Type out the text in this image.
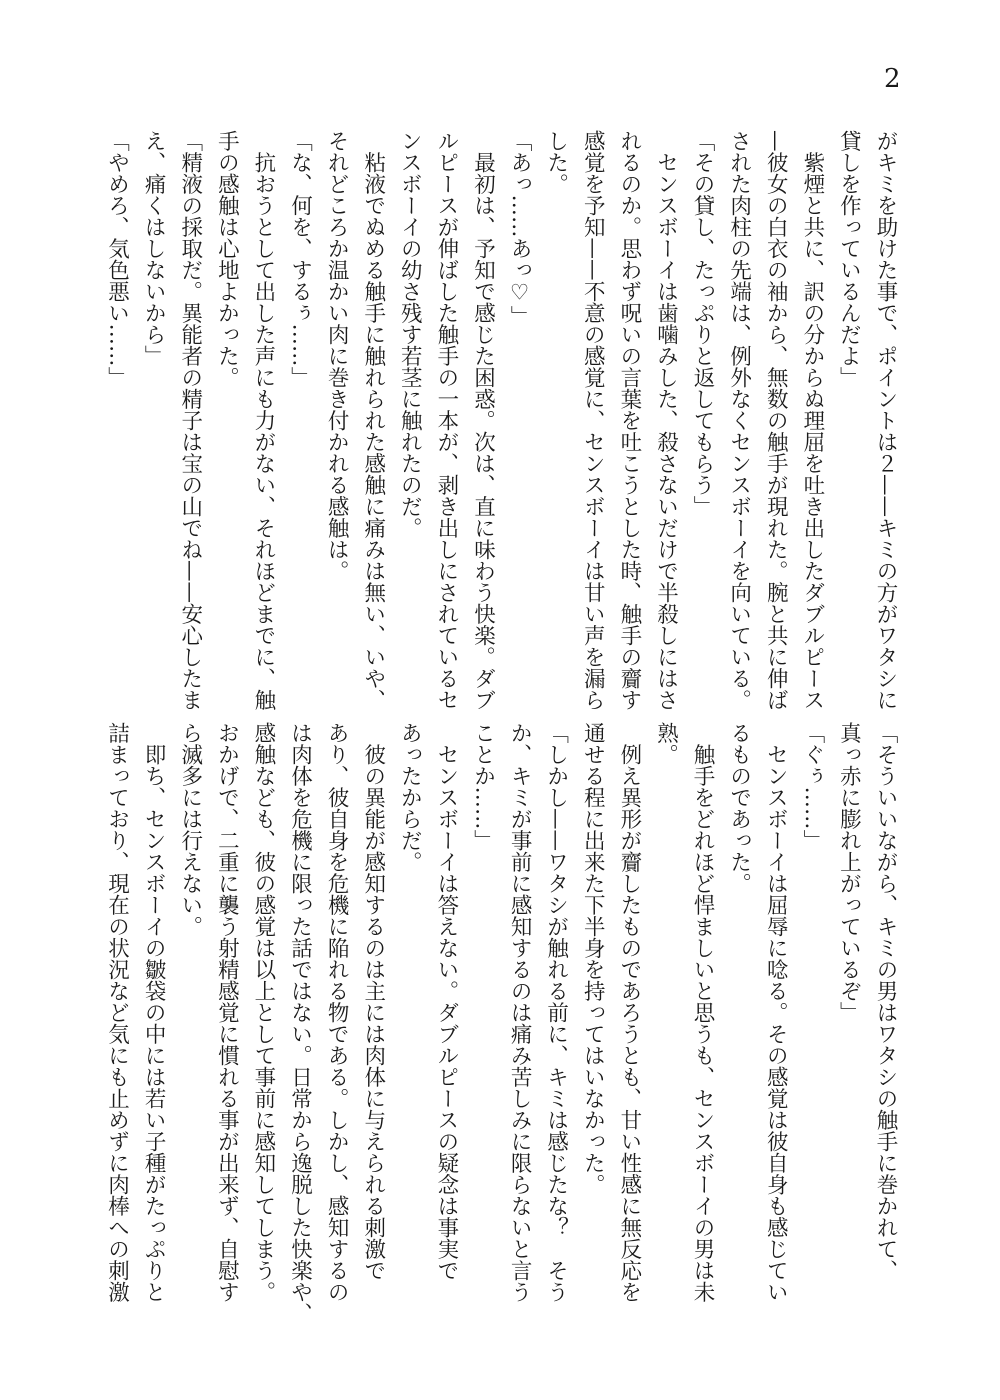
2
がキミを助けた事で、ポイントは２——キミの方がワタシに
貸しを作っているんだよ」
　紫煙と共に、訳の分からぬ理屈を吐き出したダブルピース
—彼女の白衣の袖から、無数の触手が現れた。腕と共に伸ば
された肉柱の先端は、例外なくセンスボーイを向いている。
「その貸し、たっぷりと返してもらう」
　センスボーイは歯噛みした、殺さないだけで半殺しにはさ
れるのか。思わず呪いの言葉を吐こうとした時、触手の齎す
感覚を予知——不意の感覚に、センスボーイは甘い声を漏ら
した。
「あっ……あっ♡」
　最初は、予知で感じた困惑。次は、直に味わう快楽。ダブ
ルピースが伸ばした触手の一本が、剥き出しにされているセ
ンスボーイの幼さ残す若茎に触れたのだ。
　粘液でぬめる触手に触れられた感触に痛みは無い、いや、
それどころか温かい肉に巻き付かれる感触は。
「な、何を、するぅ……」
　抗おうとして出した声にも力がない、それほどまでに、触
手の感触は心地よかった。
「精液の採取だ。異能者の精子は宝の山でね——安心したま
え、痛くはしないから」
「やめろ、気色悪い……」
「そういいながら、キミの男はワタシの触手に巻かれて、
真っ赤に膨れ上がっているぞ」
「ぐぅ……」
　センスボーイは屈辱に唸る。その感覚は彼自身も感じてい
るものであった。
　触手をどれほど悍ましいと思うも、センスボーイの男は未
熟。
　例え異形が齎したものであろうとも、甘い性感に無反応を
通せる程に出来た下半身を持ってはいなかった。
「しかし——ワタシが触れる前に、キミは感じたな？　そう
か、キミが事前に感知するのは痛み苦しみに限らないと言う
ことか……」
　センスボーイは答えない。ダブルピースの疑念は事実で
あったからだ。
　彼の異能が感知するのは主には肉体に与えられる刺激で
あり、彼自身を危機に陥れる物である。しかし、感知するの
は肉体を危機に限った話ではない。日常から逸脱した快楽や、
感触なども、彼の感覚は以上として事前に感知してしまう。
おかげで、二重に襲う射精感覚に慣れる事が出来ず、自慰す
ら滅多には行えない。
　即ち、センスボーイの皺袋の中には若い子種がたっぷりと
詰まっており、現在の状況など気にも止めずに肉棒への刺激
